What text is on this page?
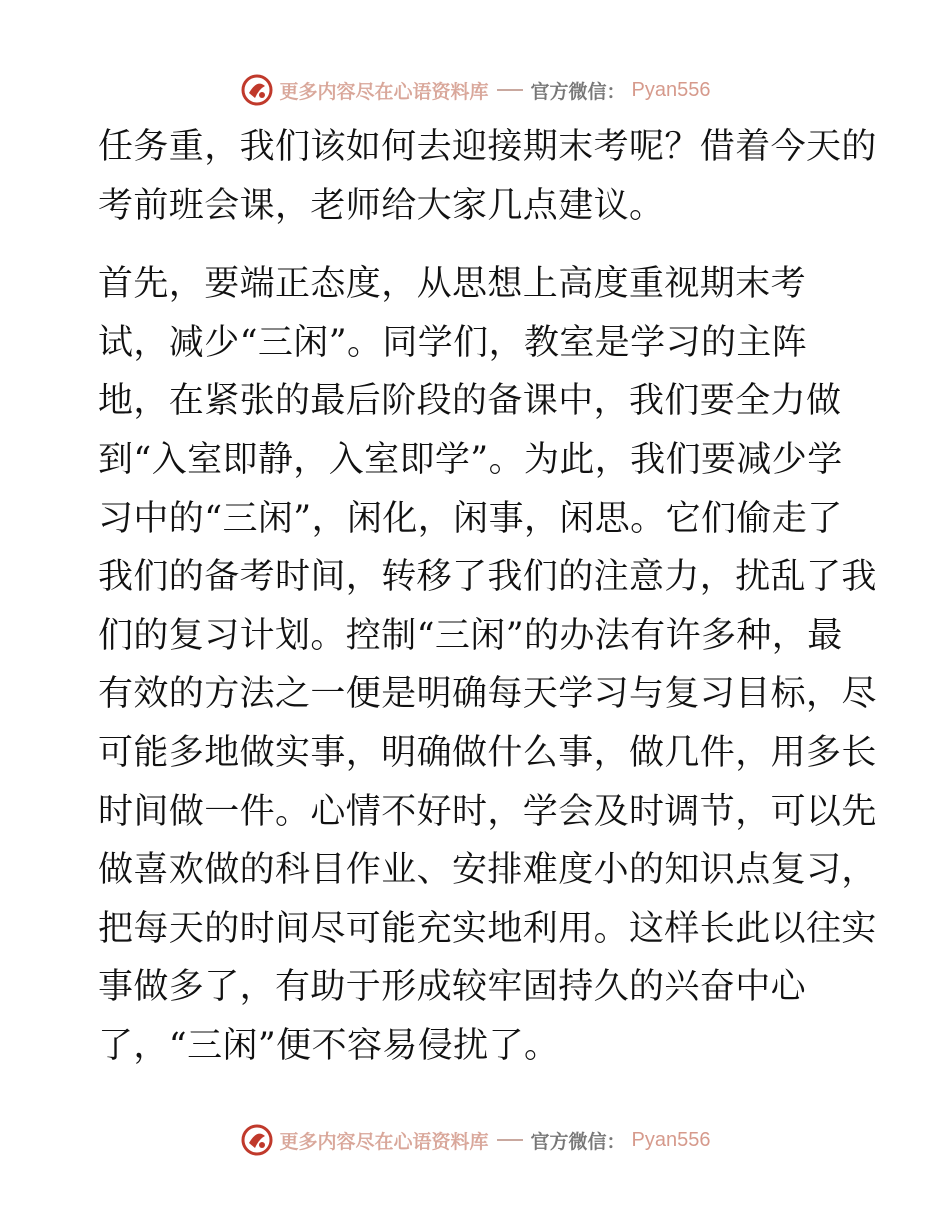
更多内容尽在心语资料库 官方微信： Pyan556
任务重，我们该如何去迎接期末考呢？借着今天的
考前班会课，老师给大家几点建议。
首先，要端正态度，从思想上高度重视期末考
试，减少“三闲”。同学们，教室是学习的主阵
地，在紧张的最后阶段的备课中，我们要全力做
到“入室即静，入室即学”。为此，我们要减少学
习中的“三闲”，闲化，闲事，闲思。它们偷走了
我们的备考时间，转移了我们的注意力，扰乱了我
们的复习计划。控制“三闲”的办法有许多种，最
有效的方法之一便是明确每天学习与复习目标，尽
可能多地做实事，明确做什么事，做几件，用多长
时间做一件。心情不好时，学会及时调节，可以先
做喜欢做的科目作业、安排难度小的知识点复习，
把每天的时间尽可能充实地利用。这样长此以往实
事做多了，有助于形成较牢固持久的兴奋中心
了，“三闲”便不容易侵扰了。
更多内容尽在心语资料库 官方微信： Pyan556
